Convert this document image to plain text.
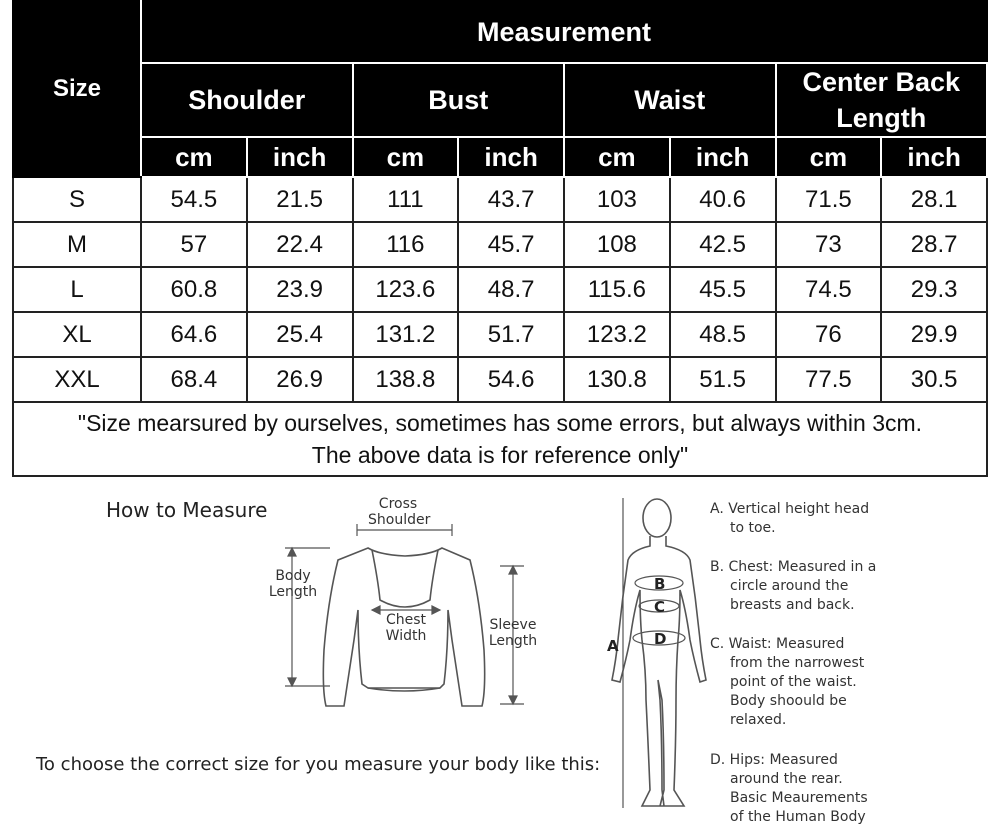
Size	Measurement							
	Shoulder		Bust		Waist		Center Back Length	
	cm	inch	cm	inch	cm	inch	cm	inch
S	54.5	21.5	111	43.7	103	40.6	71.5	28.1
M	57	22.4	116	45.7	108	42.5	73	28.7
L	60.8	23.9	123.6	48.7	115.6	45.5	74.5	29.3
XL	64.6	25.4	131.2	51.7	123.2	48.5	76	29.9
XXL	68.4	26.9	138.8	54.6	130.8	51.5	77.5	30.5

"Size mearsured by ourselves, sometimes has some errors, but always within 3cm.
The above data is for reference only"								
How to Measure	Cross Shoulder
Body Length
Chest Width
Sleeve Length
To choose the correct size for you measure your body like this:
A
B
C
D
A. Vertical height head
to toe.
B. Chest: Measured in a
circle around the
breasts and back.
C. Waist: Measured
from the narrowest
point of the waist.
Body shoould be
relaxed.
D. Hips: Measured
around the rear.
Basic Meaurements
of the Human Body
